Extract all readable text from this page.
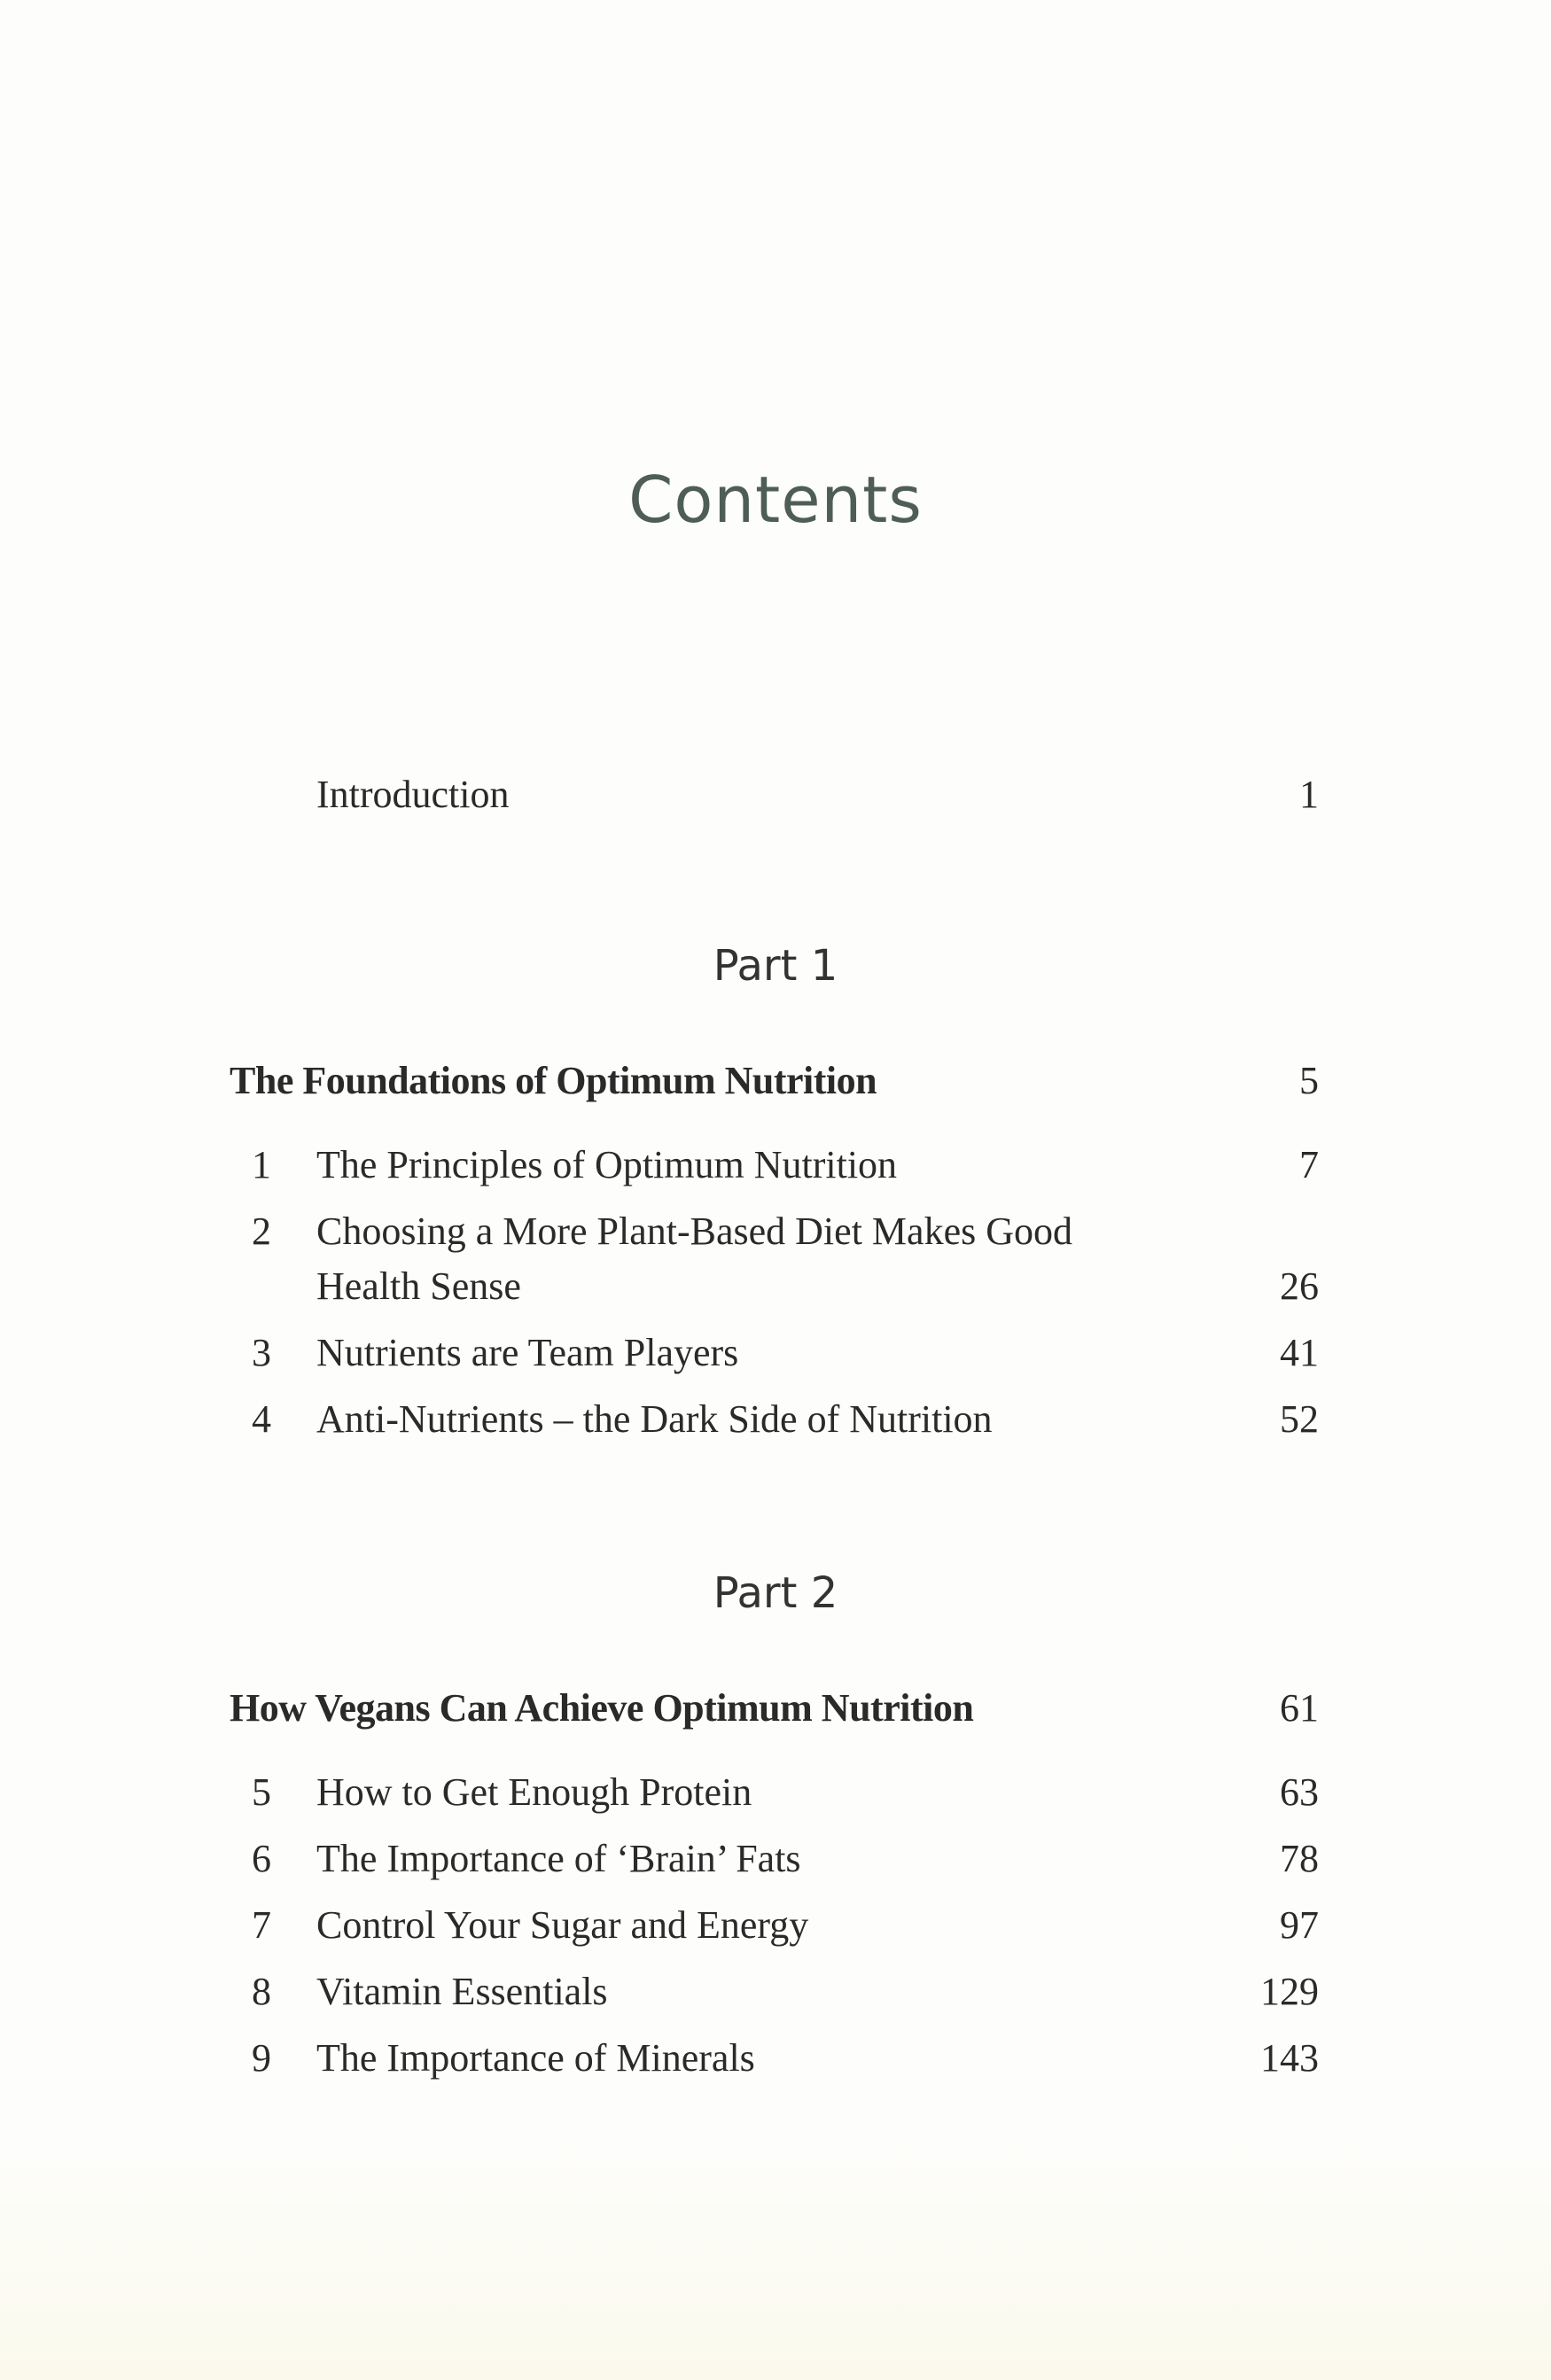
Contents
Introduction	1
Part 1
The Foundations of Optimum Nutrition	5
1	The Principles of Optimum Nutrition	7
2	Choosing a More Plant-Based Diet Makes Good
Health Sense	26
3	Nutrients are Team Players	41
4	Anti-Nutrients – the Dark Side of Nutrition	52
Part 2
How Vegans Can Achieve Optimum Nutrition	61
5	How to Get Enough Protein	63
6	The Importance of ‘Brain’ Fats	78
7	Control Your Sugar and Energy	97
8	Vitamin Essentials	129
9	The Importance of Minerals	143
